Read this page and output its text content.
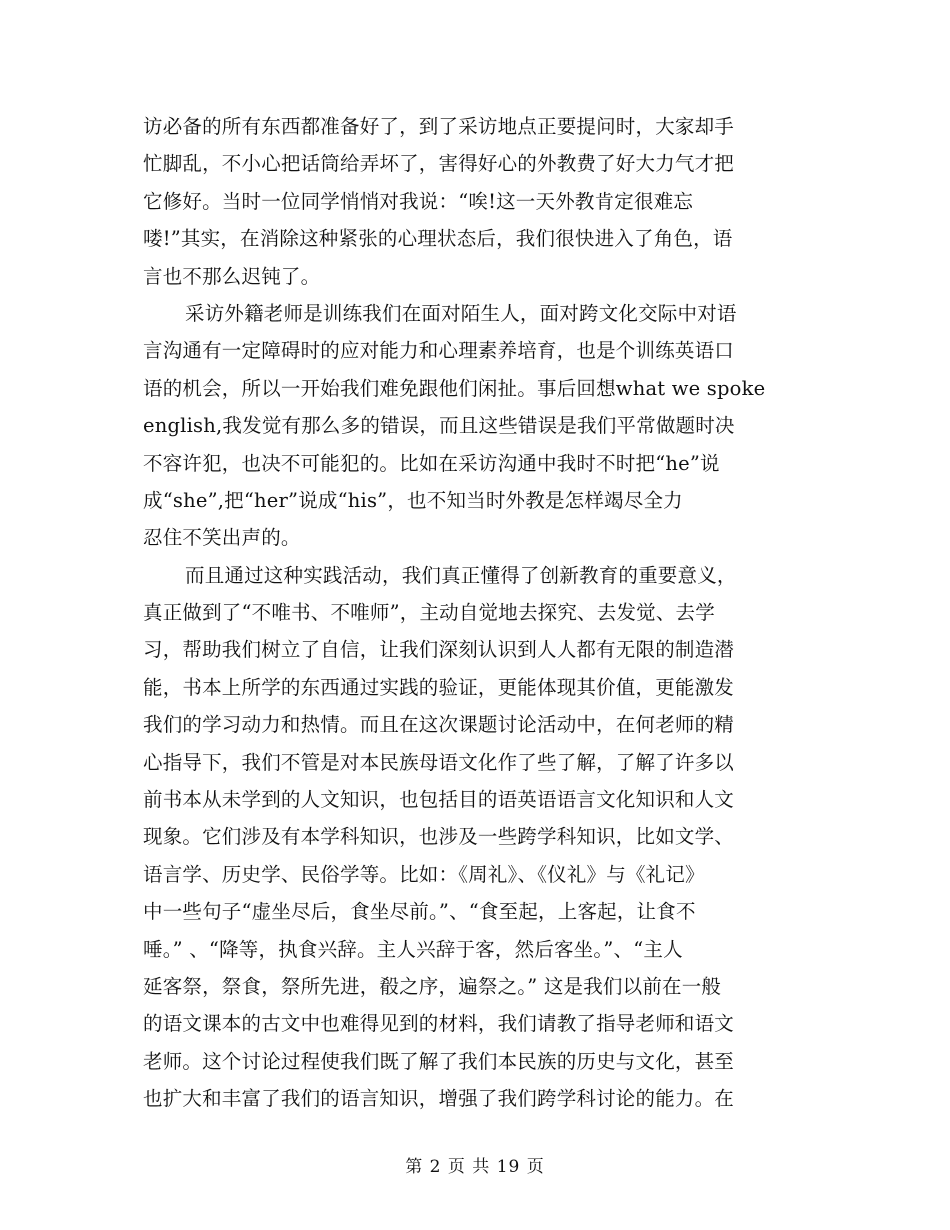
访必备的所有东西都准备好了，到了采访地点正要提问时，大家却手
忙脚乱，不小心把话筒给弄坏了，害得好心的外教费了好大力气才把
它修好。当时一位同学悄悄对我说：“唉!这一天外教肯定很难忘
喽!”其实，在消除这种紧张的心理状态后，我们很快进入了角色，语
言也不那么迟钝了。
采访外籍老师是训练我们在面对陌生人，面对跨文化交际中对语
言沟通有一定障碍时的应对能力和心理素养培育，也是个训练英语口
语的机会，所以一开始我们难免跟他们闲扯。事后回想what we spoke
english,我发觉有那么多的错误，而且这些错误是我们平常做题时决
不容许犯，也决不可能犯的。比如在采访沟通中我时不时把“he”说
成“she”,把“her”说成“his”，也不知当时外教是怎样竭尽全力
忍住不笑出声的。
而且通过这种实践活动，我们真正懂得了创新教育的重要意义，
真正做到了“不唯书、不唯师”，主动自觉地去探究、去发觉、去学
习，帮助我们树立了自信，让我们深刻认识到人人都有无限的制造潜
能，书本上所学的东西通过实践的验证，更能体现其价值，更能激发
我们的学习动力和热情。而且在这次课题讨论活动中，在何老师的精
心指导下，我们不管是对本民族母语文化作了些了解，了解了许多以
前书本从未学到的人文知识，也包括目的语英语语言文化知识和人文
现象。它们涉及有本学科知识，也涉及一些跨学科知识，比如文学、
语言学、历史学、民俗学等。比如：《周礼》、《仪礼》与《礼记》
中一些句子“虚坐尽后，食坐尽前。”、“食至起，上客起，让食不
唾。” 、“降等，执食兴辞。主人兴辞于客，然后客坐。”、“主人
延客祭，祭食，祭所先进，殽之序，遍祭之。” 这是我们以前在一般
的语文课本的古文中也难得见到的材料，我们请教了指导老师和语文
老师。这个讨论过程使我们既了解了我们本民族的历史与文化，甚至
也扩大和丰富了我们的语言知识，增强了我们跨学科讨论的能力。在
第 2 页 共 19 页
